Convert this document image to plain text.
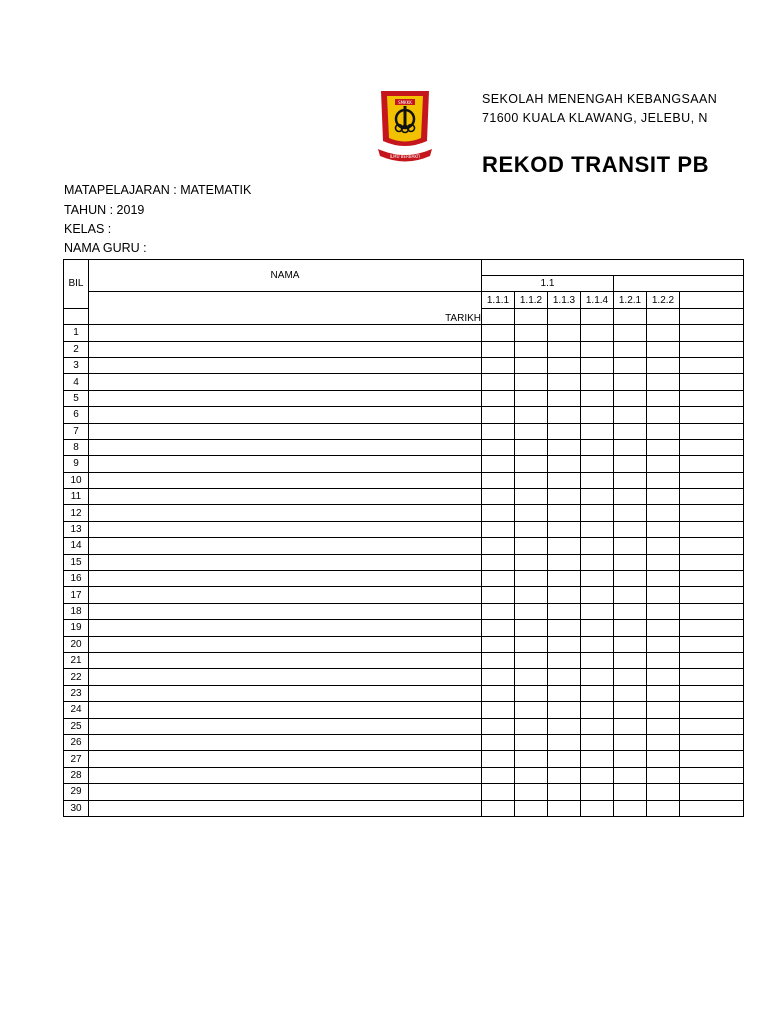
SMKKK
ILMU BERBAKTI
SEKOLAH MENENGAH KEBANGSAAN
71600 KUALA KLAWANG, JELEBU, N
REKOD TRANSIT PB
MATAPELAJARAN : MATEMATIK
TAHUN : 2019
KELAS :
NAMA GURU :
BIL	NAMA							
		1.1						
	TARIKH	1.1.1	1.1.2	1.1.3	1.1.4	1.2.1	1.2.2	

1								
2								
3								
4								
5								
6								
7								
8								
9								
10								
11								
12								
13								
14								
15								
16								
17								
18								
19								
20								
21								
22								
23								
24								
25								
26								
27								
28								
29								
30								
